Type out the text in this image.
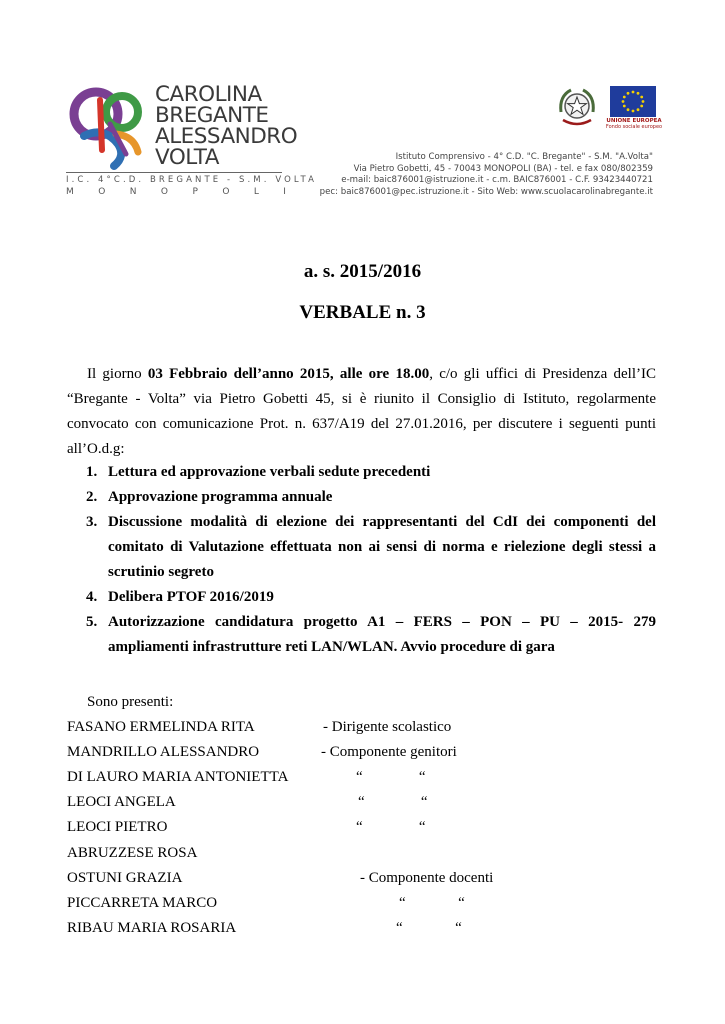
CAROLINA
BREGANTE
ALESSANDRO
VOLTA
I.C. 4°C.D. BREGANTE - S.M. VOLTA
M	O	N	O	P	O	L	I
UNIONE EUROPEA
Fondo sociale europeo
Istituto Comprensivo - 4° C.D. "C. Bregante" - S.M. "A.Volta"
Via Pietro Gobetti, 45 - 70043 MONOPOLI (BA) - tel. e fax 080/802359
e-mail: baic876001@istruzione.it - c.m. BAIC876001 - C.F. 93423440721
pec: baic876001@pec.istruzione.it - Sito Web: www.scuolacarolinabregante.it
a. s. 2015/2016
VERBALE n. 3

Il giorno 03 Febbraio dell’anno 2015, alle ore 18.00, c/o gli uffici di Presidenza dell’IC “Bregante - Volta” via Pietro Gobetti 45, si è riunito il Consiglio di Istituto, regolarmente convocato con comunicazione Prot. n. 637/A19 del 27.01.2016, per discutere i seguenti punti all’O.d.g:

1. Lettura ed approvazione verbali sedute precedenti
2. Approvazione programma annuale
3. Discussione modalità di elezione dei rappresentanti del CdI dei componenti del comitato di Valutazione effettuata non ai sensi di norma e rielezione degli stessi a scrutinio segreto
4. Delibera PTOF 2016/2019
5. Autorizzazione candidatura progetto A1 – FERS – PON – PU – 2015- 279 ampliamenti infrastrutture reti LAN/WLAN. Avvio procedure di gara
Sono presenti:
FASANO ERMELINDA RITA	- Dirigente scolastico
MANDRILLO ALESSANDRO	- Componente genitori
DI LAURO MARIA ANTONIETTA	“               “
LEOCI ANGELA	“               “
LEOCI PIETRO	“               “
ABRUZZESE ROSA
OSTUNI GRAZIA	- Componente docenti
PICCARRETA MARCO	“              “
RIBAU MARIA ROSARIA	“              “
